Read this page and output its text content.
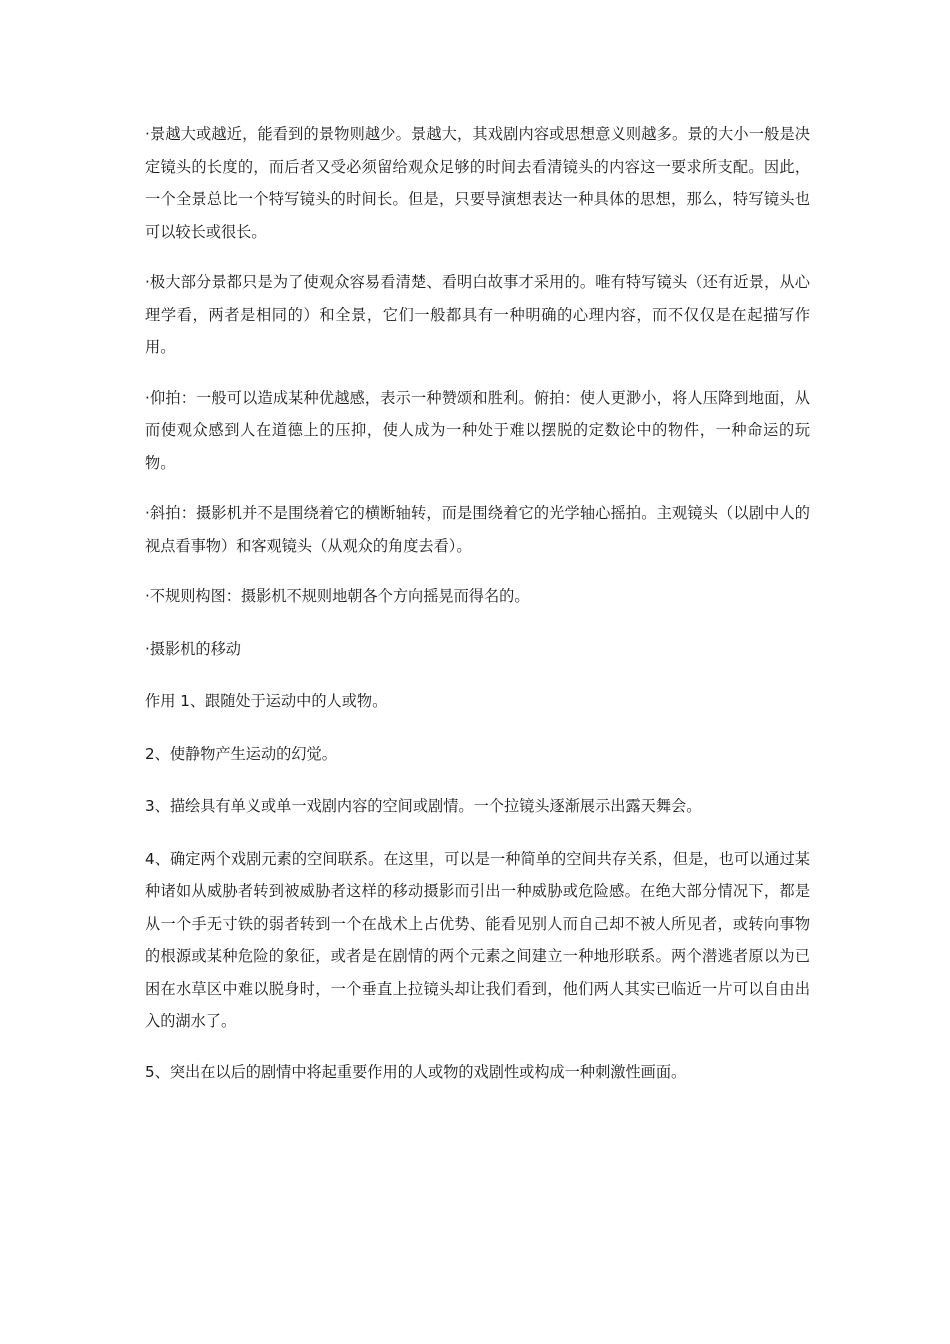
·景越大或越近，能看到的景物则越少。景越大，其戏剧内容或思想意义则越多。景的大小一般是决定镜头的长度的，而后者又受必须留给观众足够的时间去看清镜头的内容这一要求所支配。因此，一个全景总比一个特写镜头的时间长。但是，只要导演想表达一种具体的思想，那么，特写镜头也可以较长或很长。

·极大部分景都只是为了使观众容易看清楚、看明白故事才采用的。唯有特写镜头（还有近景，从心理学看，两者是相同的）和全景，它们一般都具有一种明确的心理内容，而不仅仅是在起描写作用。

·仰拍：一般可以造成某种优越感，表示一种赞颂和胜利。俯拍：使人更渺小，将人压降到地面，从而使观众感到人在道德上的压抑，使人成为一种处于难以摆脱的定数论中的物件，一种命运的玩物。

·斜拍：摄影机并不是围绕着它的横断轴转，而是围绕着它的光学轴心摇拍。主观镜头（以剧中人的视点看事物）和客观镜头（从观众的角度去看）。

·不规则构图：摄影机不规则地朝各个方向摇晃而得名的。

·摄影机的移动

作用 1、跟随处于运动中的人或物。

2、使静物产生运动的幻觉。

3、描绘具有单义或单一戏剧内容的空间或剧情。一个拉镜头逐渐展示出露天舞会。

4、确定两个戏剧元素的空间联系。在这里，可以是一种简单的空间共存关系，但是，也可以通过某种诸如从威胁者转到被威胁者这样的移动摄影而引出一种威胁或危险感。在绝大部分情况下，都是从一个手无寸铁的弱者转到一个在战术上占优势、能看见别人而自己却不被人所见者，或转向事物的根源或某种危险的象征，或者是在剧情的两个元素之间建立一种地形联系。两个潜逃者原以为已困在水草区中难以脱身时，一个垂直上拉镜头却让我们看到，他们两人其实已临近一片可以自由出入的湖水了。

5、突出在以后的剧情中将起重要作用的人或物的戏剧性或构成一种刺激性画面。
